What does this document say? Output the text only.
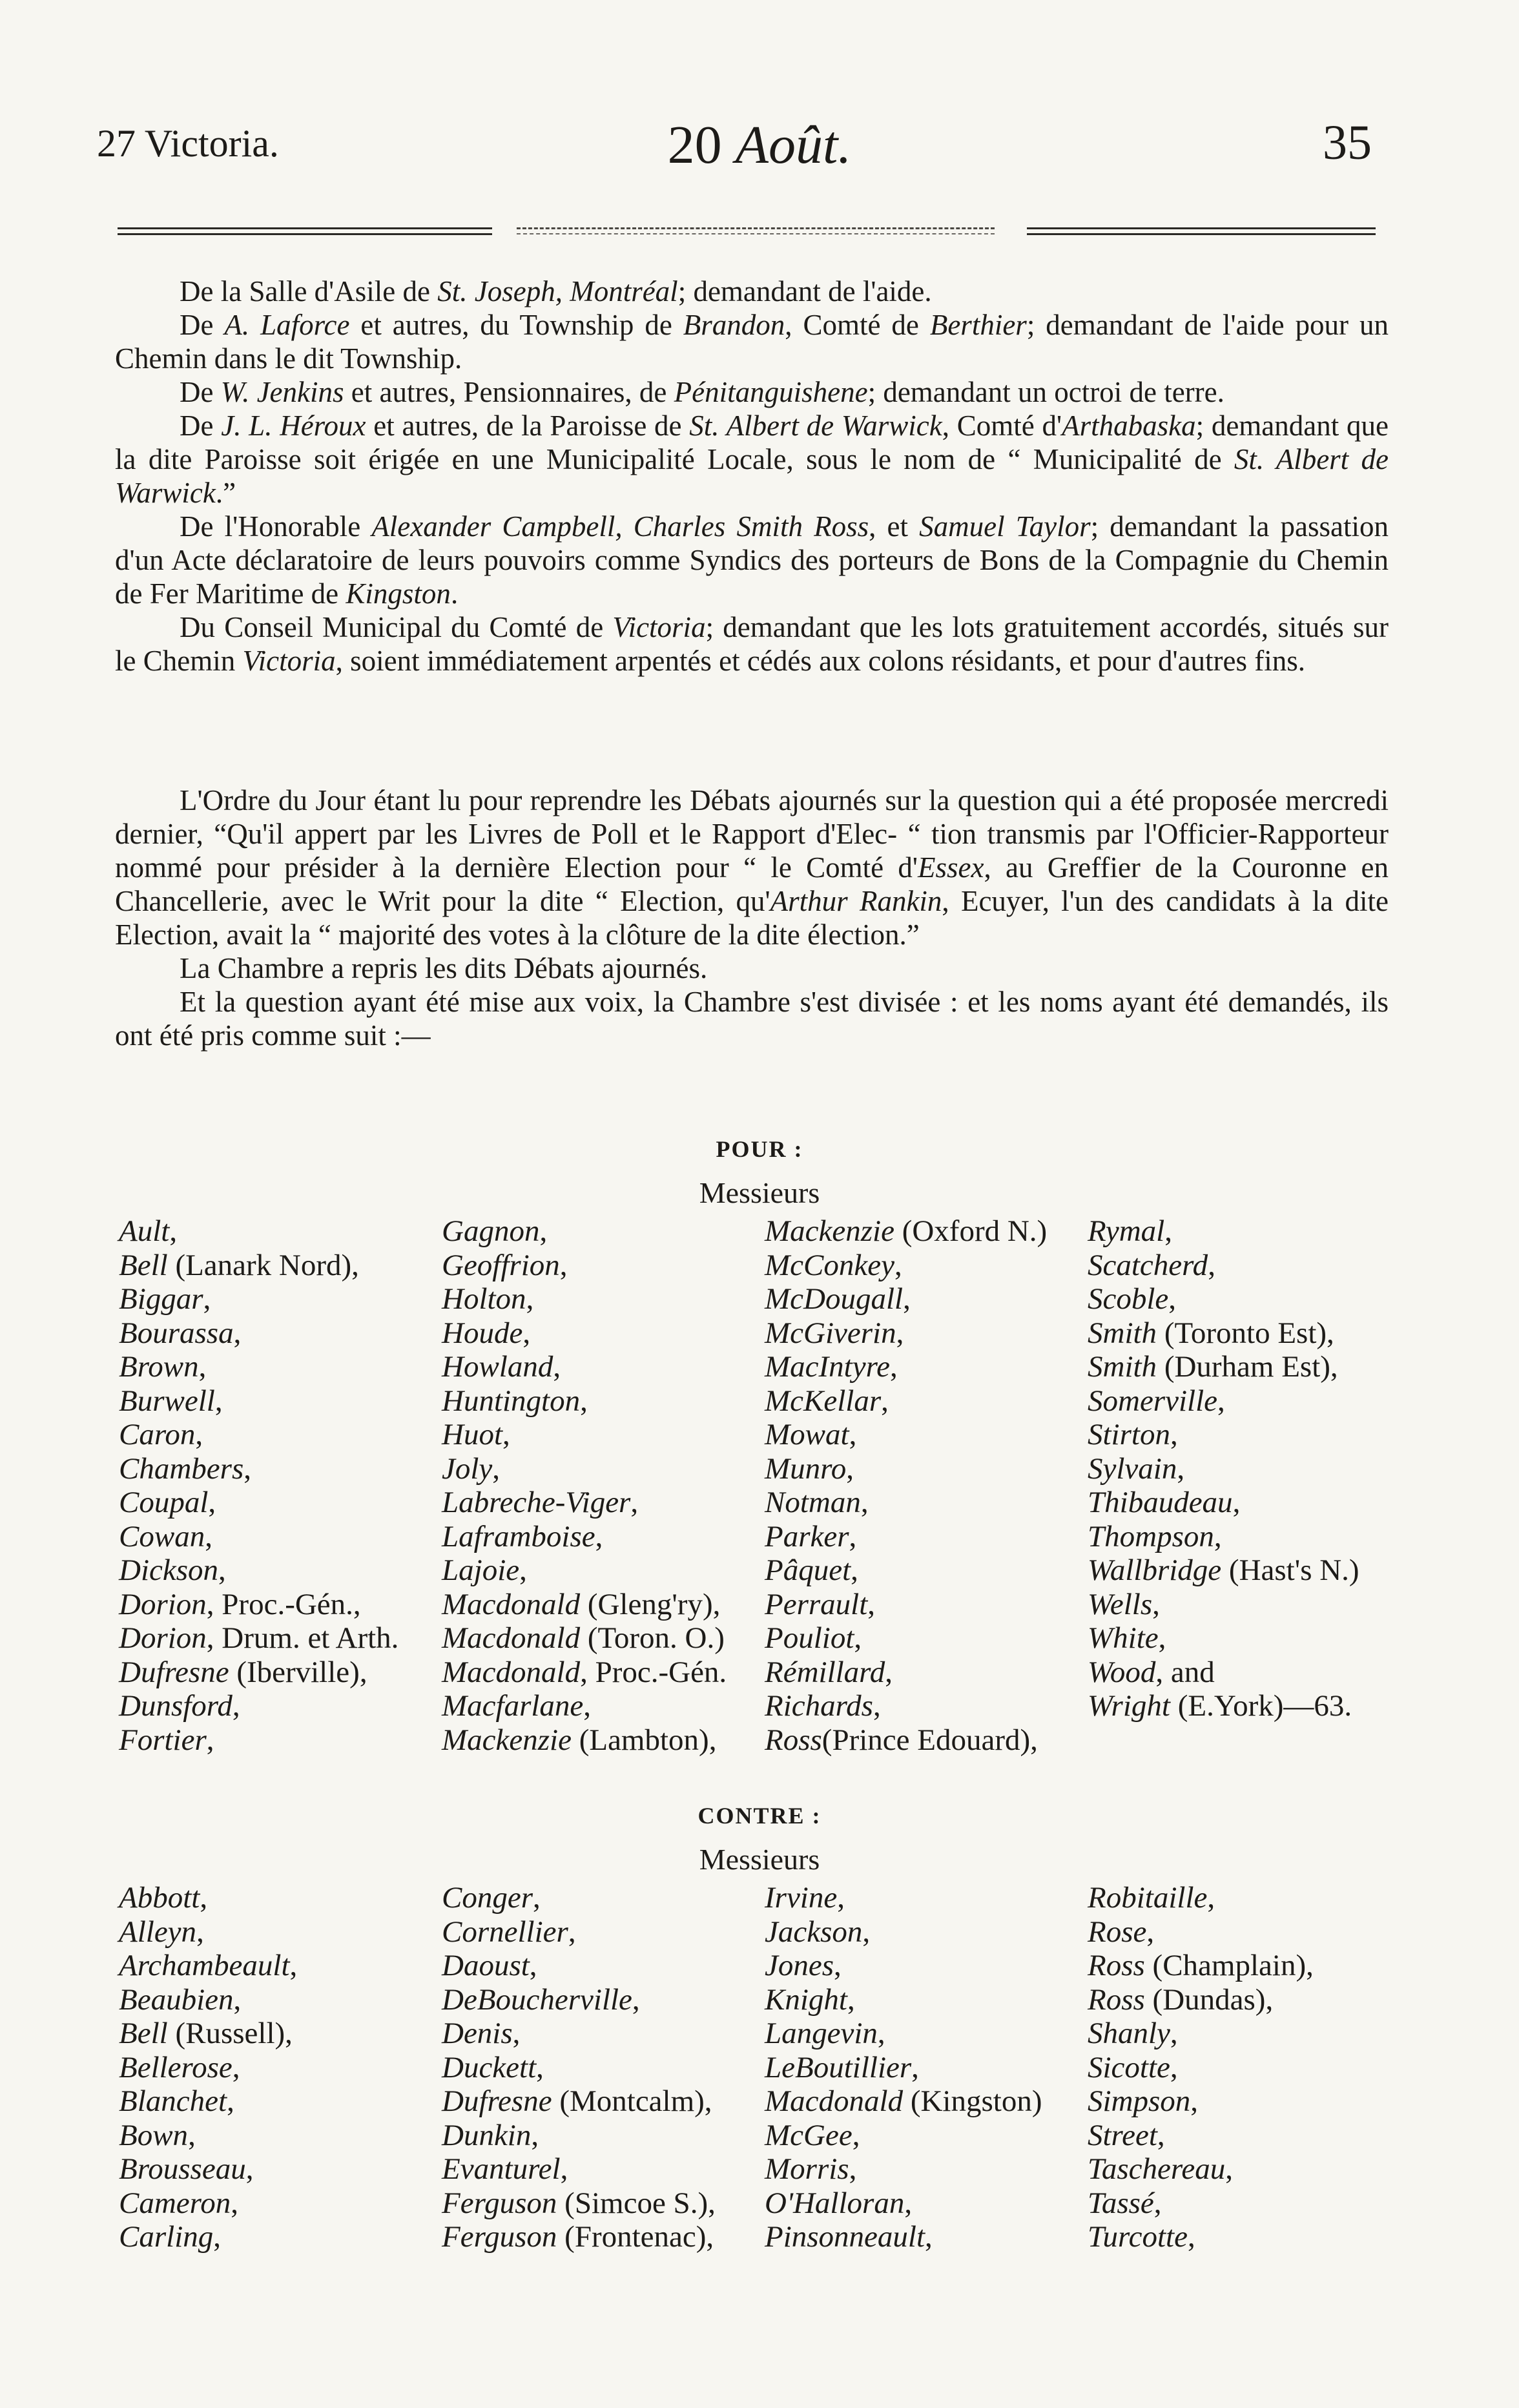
27 Victoria.	20 Août.	35

De la Salle d'Asile de St. Joseph, Montréal; demandant de l'aide.

De A. Laforce et autres, du Township de Brandon, Comté de Berthier; demandant de l'aide pour un Chemin dans le dit Township.

De W. Jenkins et autres, Pensionnaires, de Pénitanguishene; demandant un octroi de terre.

De J. L. Héroux et autres, de la Paroisse de St. Albert de Warwick, Comté d'Arthabaska; demandant que la dite Paroisse soit érigée en une Municipalité Locale, sous le nom de “ Municipalité de St. Albert de Warwick.”

De l'Honorable Alexander Campbell, Charles Smith Ross, et Samuel Taylor; demandant la passation d'un Acte déclaratoire de leurs pouvoirs comme Syndics des porteurs de Bons de la Compagnie du Chemin de Fer Maritime de Kingston.

Du Conseil Municipal du Comté de Victoria; demandant que les lots gratuitement accordés, situés sur le Chemin Victoria, soient immédiatement arpentés et cédés aux colons résidants, et pour d'autres fins.

L'Ordre du Jour étant lu pour reprendre les Débats ajournés sur la question qui a été proposée mercredi dernier, “Qu'il appert par les Livres de Poll et le Rapport d'Elec- “ tion transmis par l'Officier-Rapporteur nommé pour présider à la dernière Election pour “ le Comté d'Essex, au Greffier de la Couronne en Chancellerie, avec le Writ pour la dite “ Election, qu'Arthur Rankin, Ecuyer, l'un des candidats à la dite Election, avait la “ majorité des votes à la clôture de la dite élection.”

La Chambre a repris les dits Débats ajournés.

Et la question ayant été mise aux voix, la Chambre s'est divisée : et les noms ayant été demandés, ils ont été pris comme suit :—

POUR :
Messieurs
Ault,
Bell (Lanark Nord),
Biggar,
Bourassa,
Brown,
Burwell,
Caron,
Chambers,
Coupal,
Cowan,
Dickson,
Dorion, Proc.-Gén.,
Dorion, Drum. et Arth.
Dufresne (Iberville),
Dunsford,
Fortier,
Gagnon,
Geoffrion,
Holton,
Houde,
Howland,
Huntington,
Huot,
Joly,
Labreche-Viger,
Laframboise,
Lajoie,
Macdonald (Gleng'ry),
Macdonald (Toron. O.)
Macdonald, Proc.-Gén.
Macfarlane,
Mackenzie (Lambton),
Mackenzie (Oxford N.)
McConkey,
McDougall,
McGiverin,
MacIntyre,
McKellar,
Mowat,
Munro,
Notman,
Parker,
Pâquet,
Perrault,
Pouliot,
Rémillard,
Richards,
Ross(Prince Edouard),
Rymal,
Scatcherd,
Scoble,
Smith (Toronto Est),
Smith (Durham Est),
Somerville,
Stirton,
Sylvain,
Thibaudeau,
Thompson,
Wallbridge (Hast's N.)
Wells,
White,
Wood, and
Wright (E.York)—63.
CONTRE :
Messieurs
Abbott,
Alleyn,
Archambeault,
Beaubien,
Bell (Russell),
Bellerose,
Blanchet,
Bown,
Brousseau,
Cameron,
Carling,
Conger,
Cornellier,
Daoust,
DeBoucherville,
Denis,
Duckett,
Dufresne (Montcalm),
Dunkin,
Evanturel,
Ferguson (Simcoe S.),
Ferguson (Frontenac),
Irvine,
Jackson,
Jones,
Knight,
Langevin,
LeBoutillier,
Macdonald (Kingston)
McGee,
Morris,
O'Halloran,
Pinsonneault,
Robitaille,
Rose,
Ross (Champlain),
Ross (Dundas),
Shanly,
Sicotte,
Simpson,
Street,
Taschereau,
Tassé,
Turcotte,
